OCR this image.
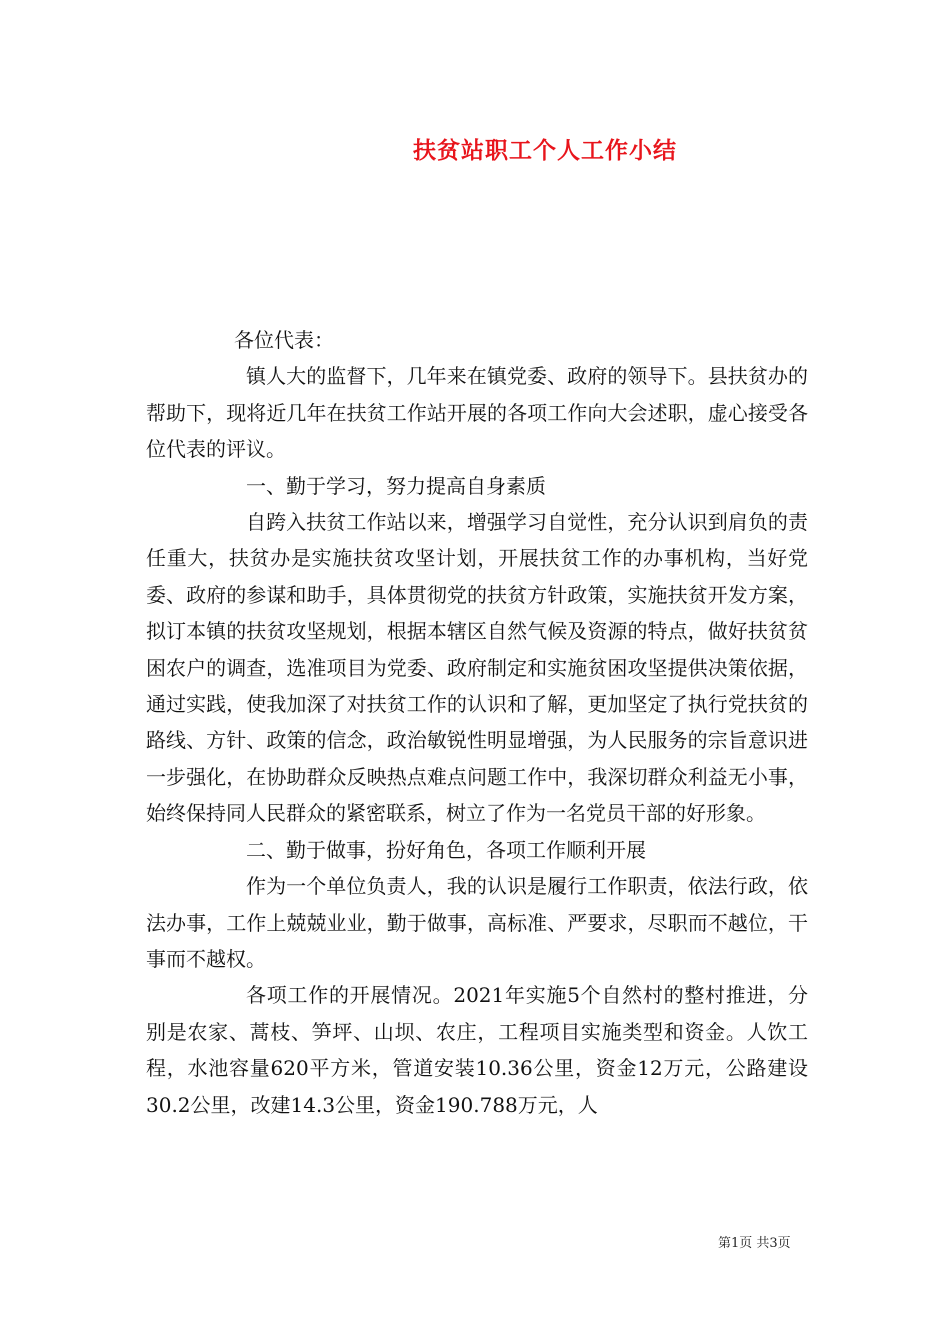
扶贫站职工个人工作小结

各位代表：

镇人大的监督下，几年来在镇党委、政府的领导下。县扶贫办的帮助下，现将近几年在扶贫工作站开展的各项工作向大会述职，虚心接受各位代表的评议。

一、勤于学习，努力提高自身素质

自跨入扶贫工作站以来，增强学习自觉性，充分认识到肩负的责任重大，扶贫办是实施扶贫攻坚计划，开展扶贫工作的办事机构，当好党委、政府的参谋和助手，具体贯彻党的扶贫方针政策，实施扶贫开发方案，拟订本镇的扶贫攻坚规划，根据本辖区自然气候及资源的特点，做好扶贫贫困农户的调查，选准项目为党委、政府制定和实施贫困攻坚提供决策依据，通过实践，使我加深了对扶贫工作的认识和了解，更加坚定了执行党扶贫的路线、方针、政策的信念，政治敏锐性明显增强，为人民服务的宗旨意识进一步强化，在协助群众反映热点难点问题工作中，我深切群众利益无小事，始终保持同人民群众的紧密联系，树立了作为一名党员干部的好形象。

二、勤于做事，扮好角色，各项工作顺利开展

作为一个单位负责人，我的认识是履行工作职责，依法行政，依法办事，工作上兢兢业业，勤于做事，高标准、严要求，尽职而不越位，干事而不越权。

各项工作的开展情况。2021年实施5个自然村的整村推进，分别是农家、蒿枝、笋坪、山坝、农庄，工程项目实施类型和资金。人饮工程，水池容量620平方米，管道安装10.36公里，资金12万元，公路建设30.2公里，改建14.3公里，资金190.788万元，人

第1页 共3页
